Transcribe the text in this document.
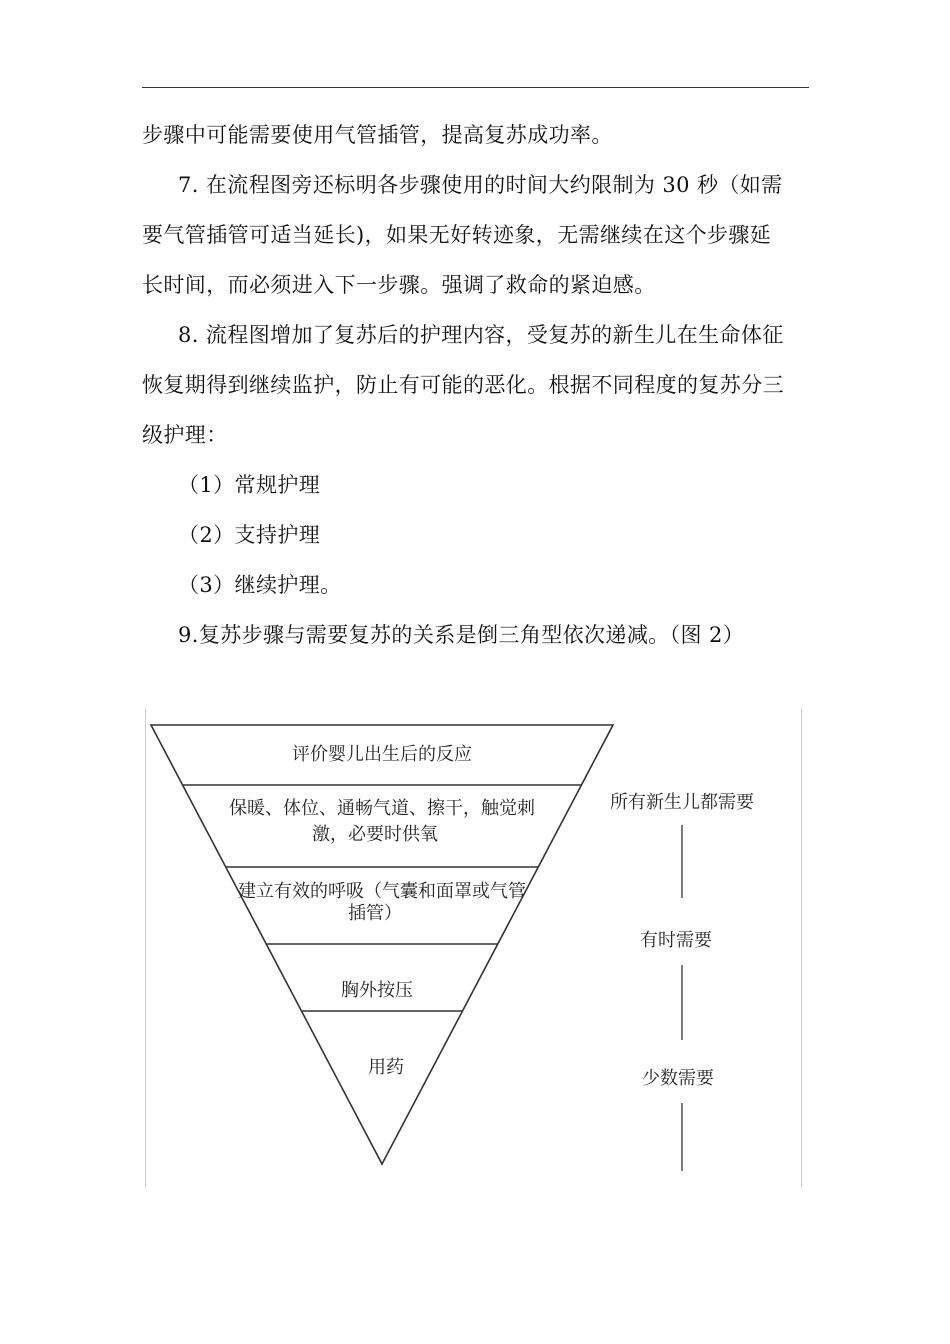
步骤中可能需要使用气管插管，提高复苏成功率。
7. 在流程图旁还标明各步骤使用的时间大约限制为 30 秒（如需
要气管插管可适当延长)，如果无好转迹象，无需继续在这个步骤延
长时间，而必须进入下一步骤。强调了救命的紧迫感。
8. 流程图增加了复苏后的护理内容，受复苏的新生儿在生命体征
恢复期得到继续监护，防止有可能的恶化。根据不同程度的复苏分三
级护理：
（1）常规护理
（2）支持护理
（3）继续护理。
9.复苏步骤与需要复苏的关系是倒三角型依次递减。（图 2）
评价婴儿出生后的反应
保暖、体位、通畅气道、擦干，触觉刺
激，必要时供氧
建立有效的呼吸（气囊和面罩或气管
插管）
胸外按压
用药
所有新生儿都需要
有时需要
少数需要
